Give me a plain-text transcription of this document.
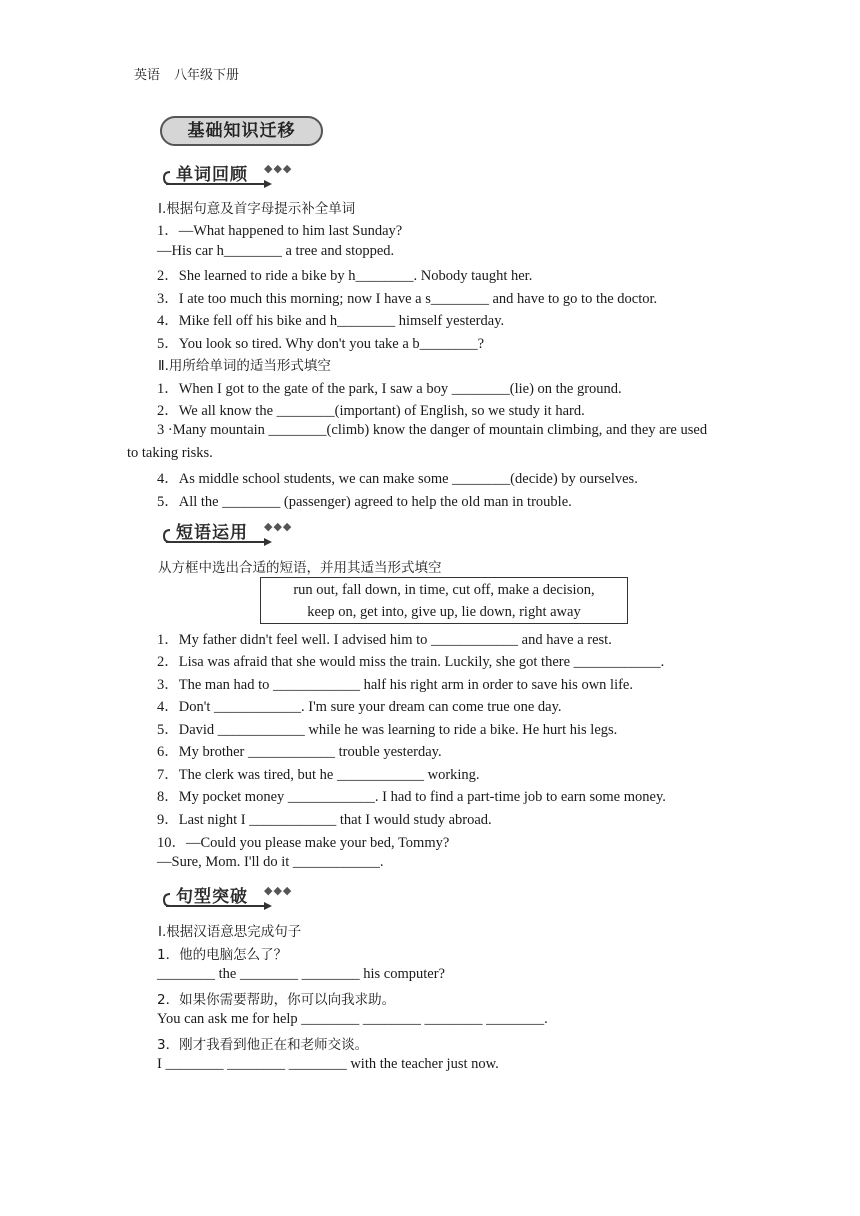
英语 八年级下册
基础知识迁移
单词回顾 ◆◆◆
Ⅰ.根据句意及首字母提示补全单词
1．—What happened to him last Sunday?
—His car h________ a tree and stopped.
2．She learned to ride a bike by h________. Nobody taught her.
3．I ate too much this morning; now I have a s________ and have to go to the doctor.
4．Mike fell off his bike and h________ himself yesterday.
5．You look so tired. Why don't you take a b________?
Ⅱ.用所给单词的适当形式填空
1．When I got to the gate of the park, I saw a boy ________(lie) on the ground.
2．We all know the ________(important) of English, so we study it hard.
3 ·Many mountain ________(climb) know the danger of mountain climbing, and they are used
to taking risks.
4．As middle school students, we can make some ________(decide) by ourselves.
5．All the ________ (passenger) agreed to help the old man in trouble.
短语运用 ◆◆◆
从方框中选出合适的短语，并用其适当形式填空
run out, fall down, in time, cut off, make a decision,
keep on, get into, give up, lie down, right away
1．My father didn't feel well. I advised him to ____________ and have a rest.
2．Lisa was afraid that she would miss the train. Luckily, she got there ____________.
3．The man had to ____________ half his right arm in order to save his own life.
4．Don't ____________. I'm sure your dream can come true one day.
5．David ____________ while he was learning to ride a bike. He hurt his legs.
6．My brother ____________ trouble yesterday.
7．The clerk was tired, but he ____________ working.
8．My pocket money ____________. I had to find a part-time job to earn some money.
9．Last night I ____________ that I would study abroad.
10．—Could you please make your bed, Tommy?
—Sure, Mom. I'll do it ____________.
句型突破 ◆◆◆
Ⅰ.根据汉语意思完成句子
1．他的电脑怎么了？
________ the ________ ________ his computer?
2．如果你需要帮助，你可以向我求助。
You can ask me for help ________ ________ ________ ________.
3．刚才我看到他正在和老师交谈。
I ________ ________ ________ with the teacher just now.
